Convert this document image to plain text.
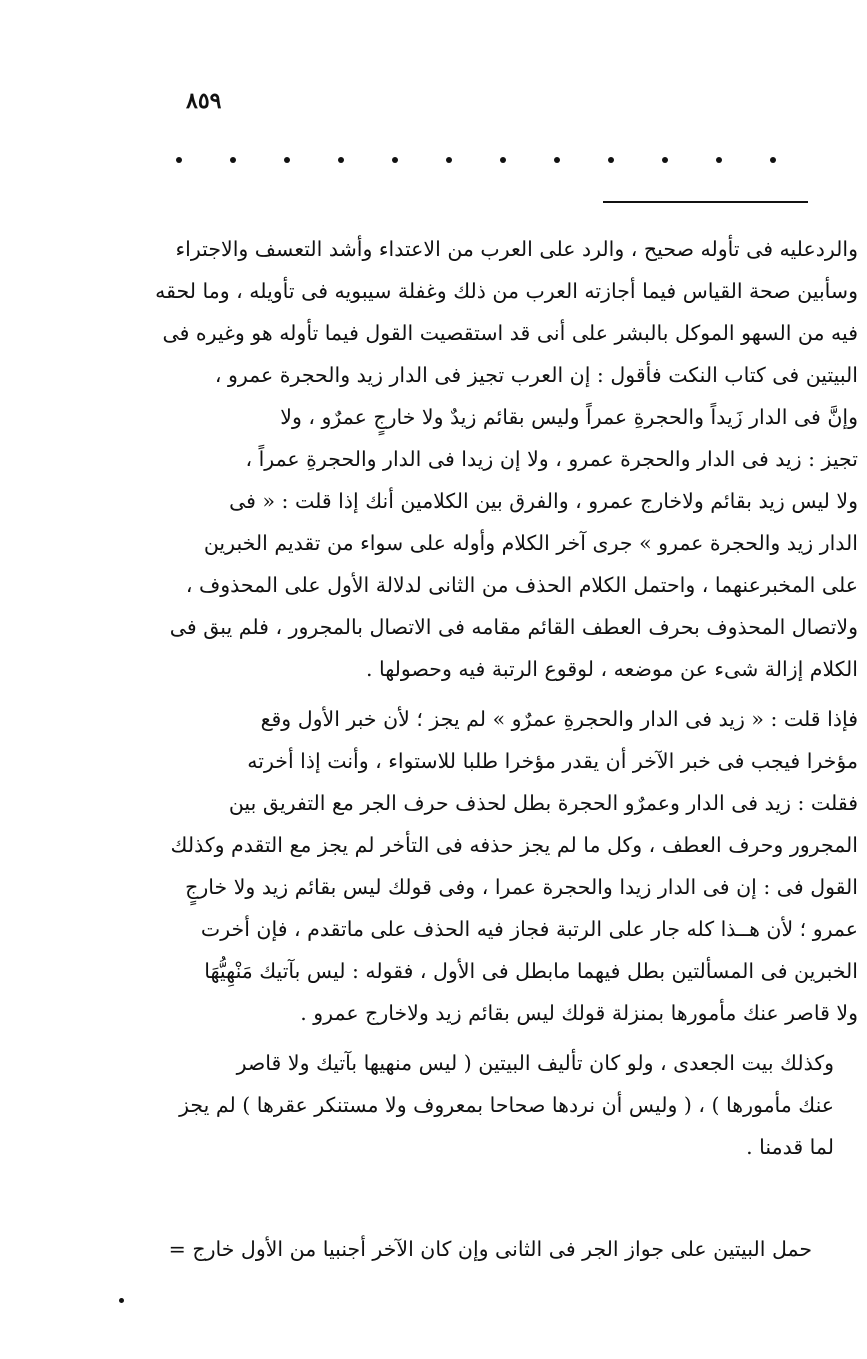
٨٥٩

والردعليه فى تأوله صحيح ، والرد على العرب من الاعتداء وأشد التعسف والاجتراء
وسأبين صحة القياس فيما أجازته العرب من ذلك وغفلة سيبويه فى تأويله ، وما لحقه
فيه من السهو الموكل بالبشر على أنى قد استقصيت القول فيما تأوله هو وغيره فى
البيتين فى كتاب النكت فأقول : إن العرب تجيز فى الدار زيد والحجرة عمرو ،
وإنَّ فى الدار زَيداً والحجرةِ عمراً وليس بقائم زيدٌ ولا خارجٍ عمرٌو ، ولا
تجيز : زيد فى الدار والحجرة عمرو ، ولا إن زيدا فى الدار والحجرةِ عمراً ،
ولا ليس زيد بقائم ولاخارج عمرو ، والفرق بين الكلامين أنك إذا قلت : « فى
الدار زيد والحجرة عمرو » جرى آخر الكلام وأوله على سواء من تقديم الخبرين
على المخبرعنهما ، واحتمل الكلام الحذف من الثانى لدلالة الأول على المحذوف ،
ولاتصال المحذوف بحرف العطف القائم مقامه فى الاتصال بالمجرور ، فلم يبق فى
الكلام إزالة شىء عن موضعه ، لوقوع الرتبة فيه وحصولها .

فإذا قلت : « زيد فى الدار والحجرةِ عمرٌو » لم يجز ؛ لأن خبر الأول وقع
مؤخرا فيجب فى خبر الآخر أن يقدر مؤخرا طلبا للاستواء ، وأنت إذا أخرته
فقلت : زيد فى الدار وعمرٌو الحجرة بطل لحذف حرف الجر مع التفريق بين
المجرور وحرف العطف ، وكل ما لم يجز حذفه فى التأخر لم يجز مع التقدم وكذلك
القول فى : إن فى الدار زيدا والحجرة عمرا ، وفى قولك ليس بقائم زيد ولا خارجٍ
عمرو ؛ لأن هــذا كله جار على الرتبة فجاز فيه الحذف على ماتقدم ، فإن أخرت
الخبرين فى المسألتين بطل فيهما مابطل فى الأول ، فقوله : ليس بآتيك مَنْهِيُّهَا
ولا قاصر عنك مأمورها بمنزلة قولك ليس بقائم زيد ولاخارج عمرو .

وكذلك بيت الجعدى ، ولو كان تأليف البيتين ( ليس منهيها بآتيك ولا قاصر
عنك مأمورها ) ، ( وليس أن نردها صحاحا بمعروف ولا مستنكر عقرها ) لم يجز
لما قدمنا .

حمل البيتين على جواز الجر فى الثانى وإن كان الآخر أجنبيا من الأول خارج =
